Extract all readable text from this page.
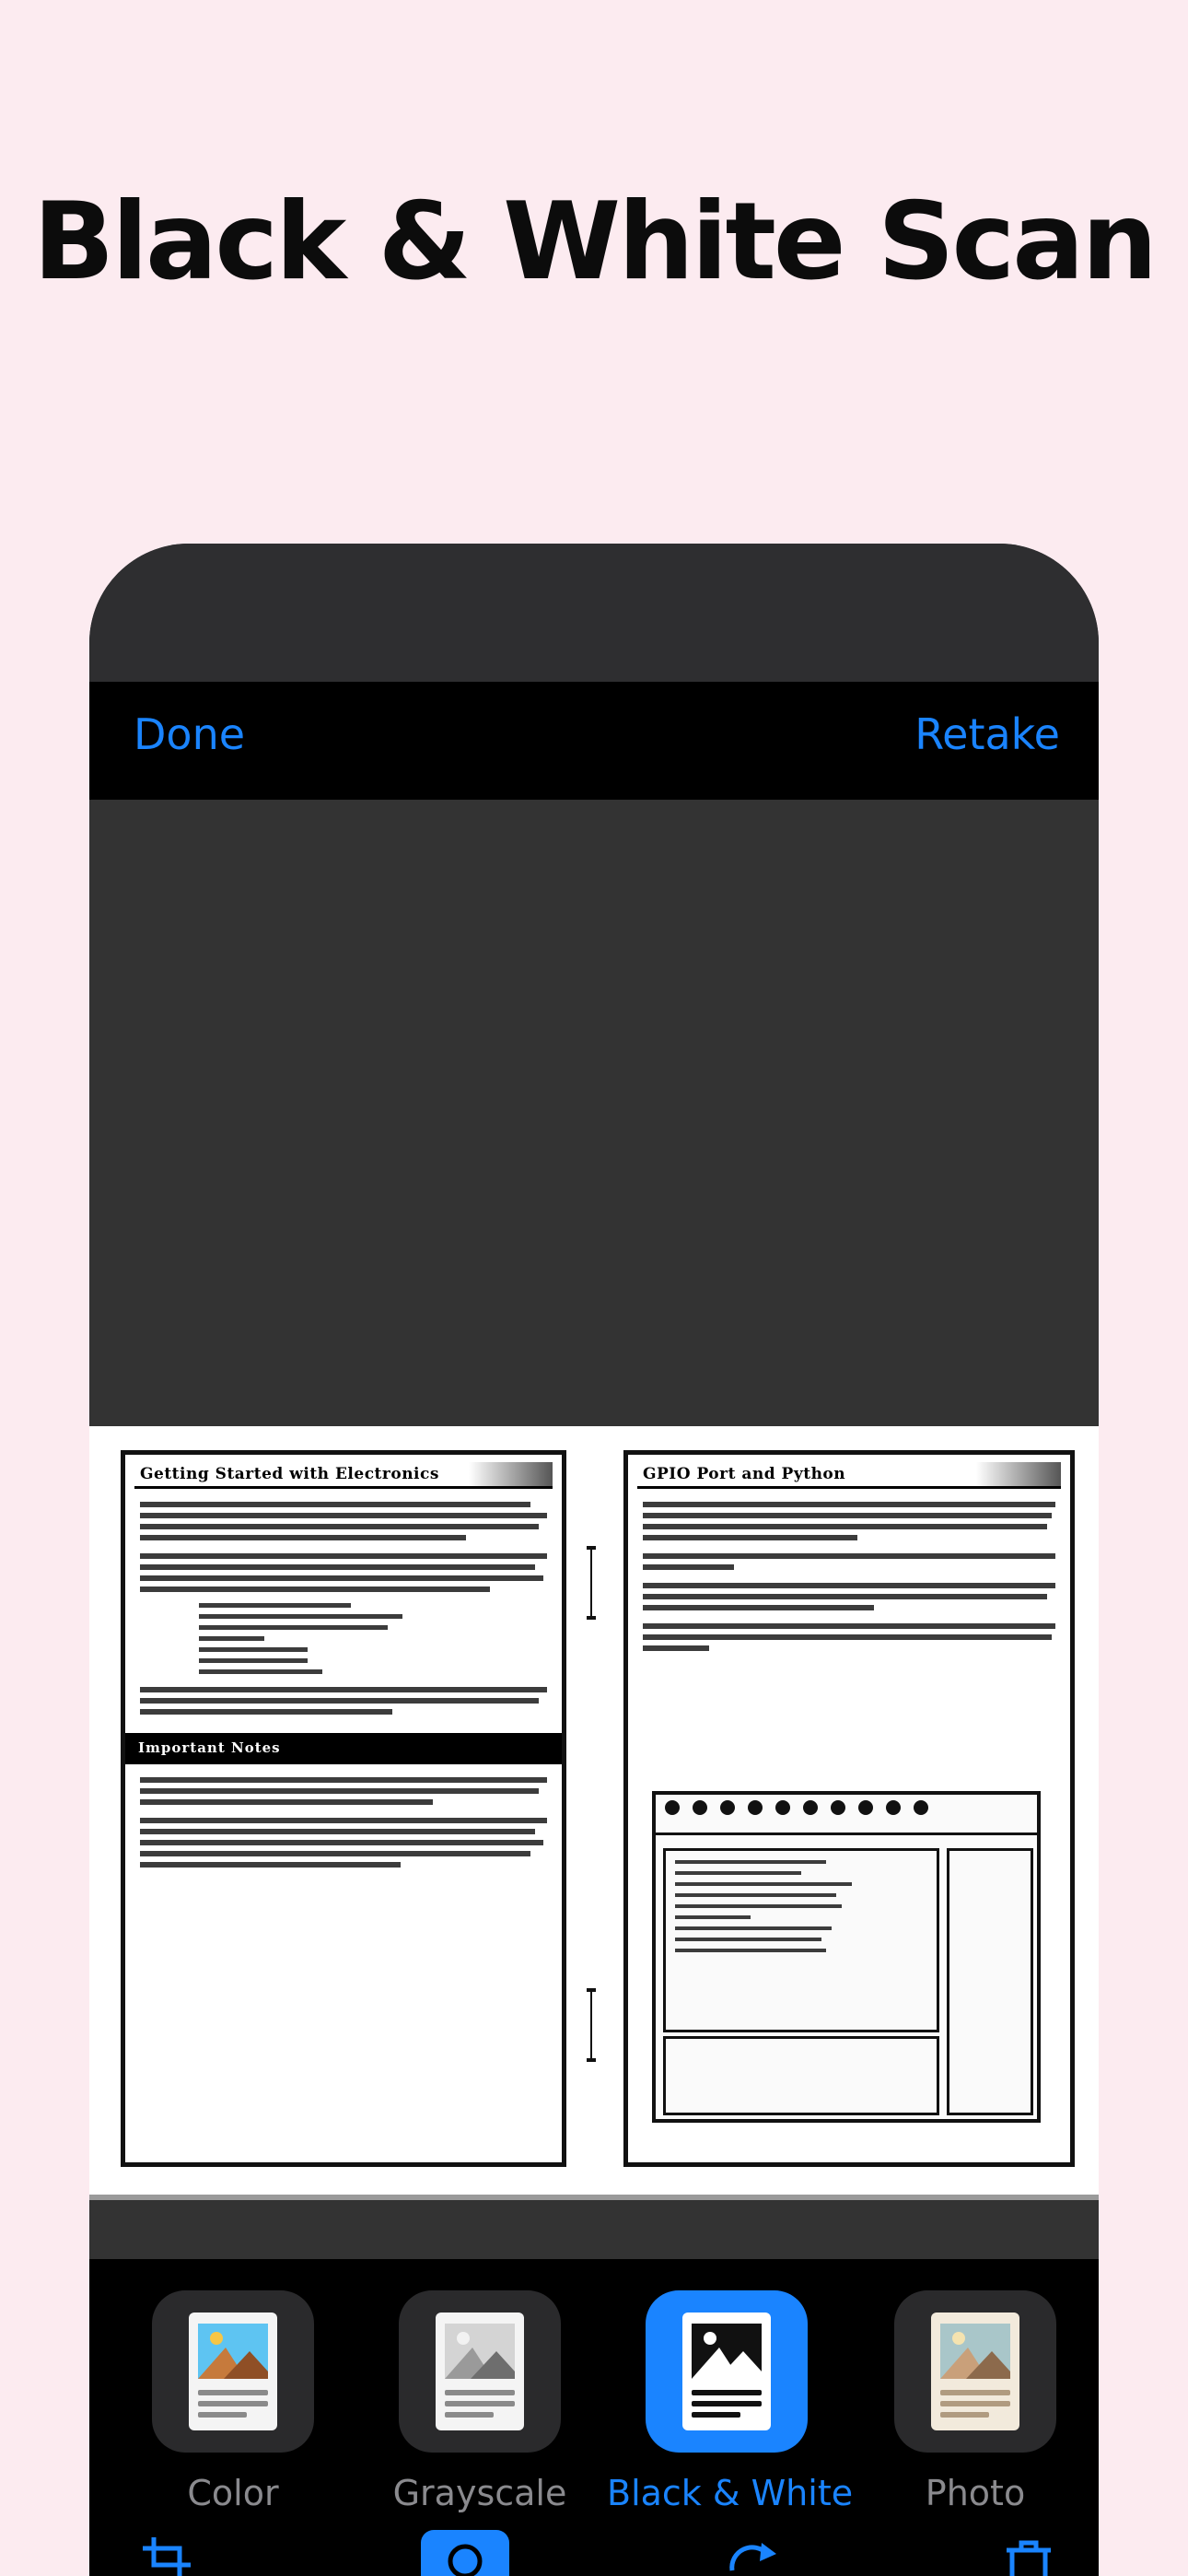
Black & White Scan
Done	Retake
Getting Started with Electronics
Important Notes
GPIO Port and Python
Color	Grayscale	Black & White	Photo
